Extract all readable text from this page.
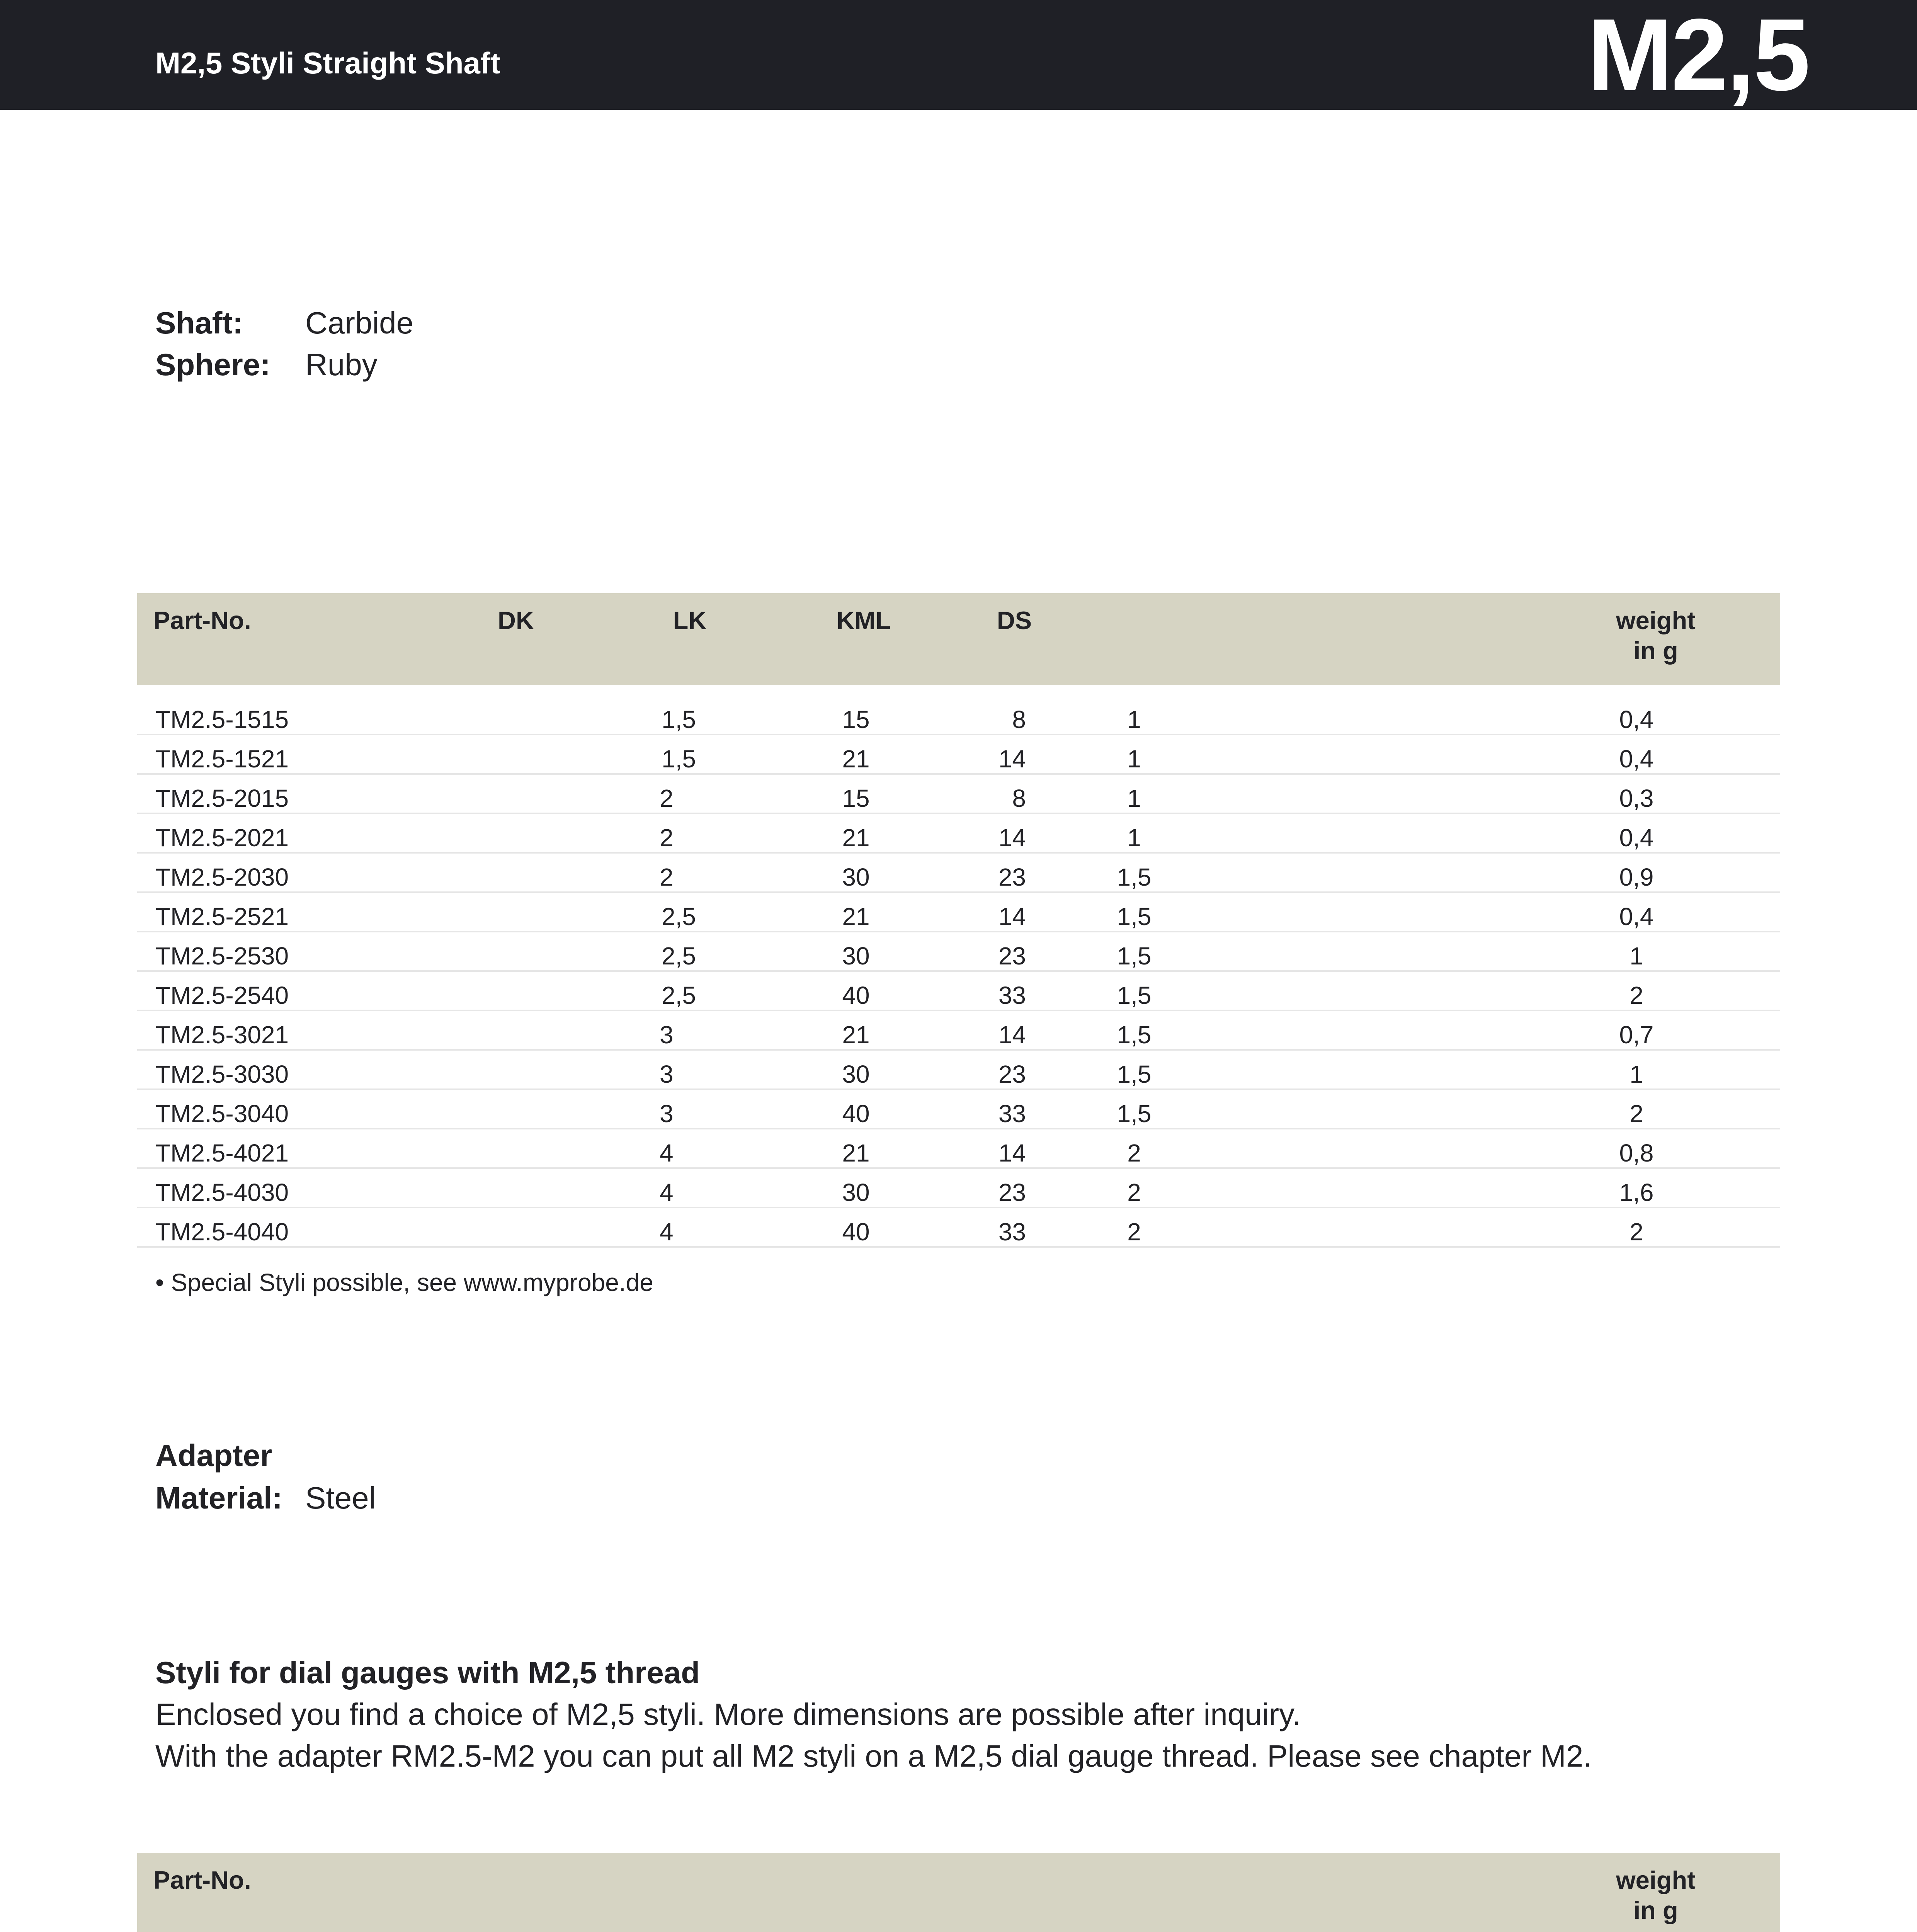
M2,5 Styli Straight Shaft	M2,5
Shaft: Carbide
Sphere: Ruby
Part-No.	DK	LK	KML	DS	weight
in g
TM2.5-1515	1,5	15	8	1	0,4
TM2.5-1521	1,5	21	14	1	0,4
TM2.5-2015	2	15	8	1	0,3
TM2.5-2021	2	21	14	1	0,4
TM2.5-2030	2	30	23	1,5	0,9
TM2.5-2521	2,5	21	14	1,5	0,4
TM2.5-2530	2,5	30	23	1,5	1
TM2.5-2540	2,5	40	33	1,5	2
TM2.5-3021	3	21	14	1,5	0,7
TM2.5-3030	3	30	23	1,5	1
TM2.5-3040	3	40	33	1,5	2
TM2.5-4021	4	21	14	2	0,8
TM2.5-4030	4	30	23	2	1,6
TM2.5-4040	4	40	33	2	2
• Special Styli possible, see www.myprobe.de
Adapter
Material: Steel
Styli for dial gauges with M2,5 thread
Enclosed you find a choice of M2,5 styli. More dimensions are possible after inquiry.
With the adapter RM2.5-M2 you can put all M2 styli on a M2,5 dial gauge thread. Please see chapter M2.
Part-No.	weight
in g
